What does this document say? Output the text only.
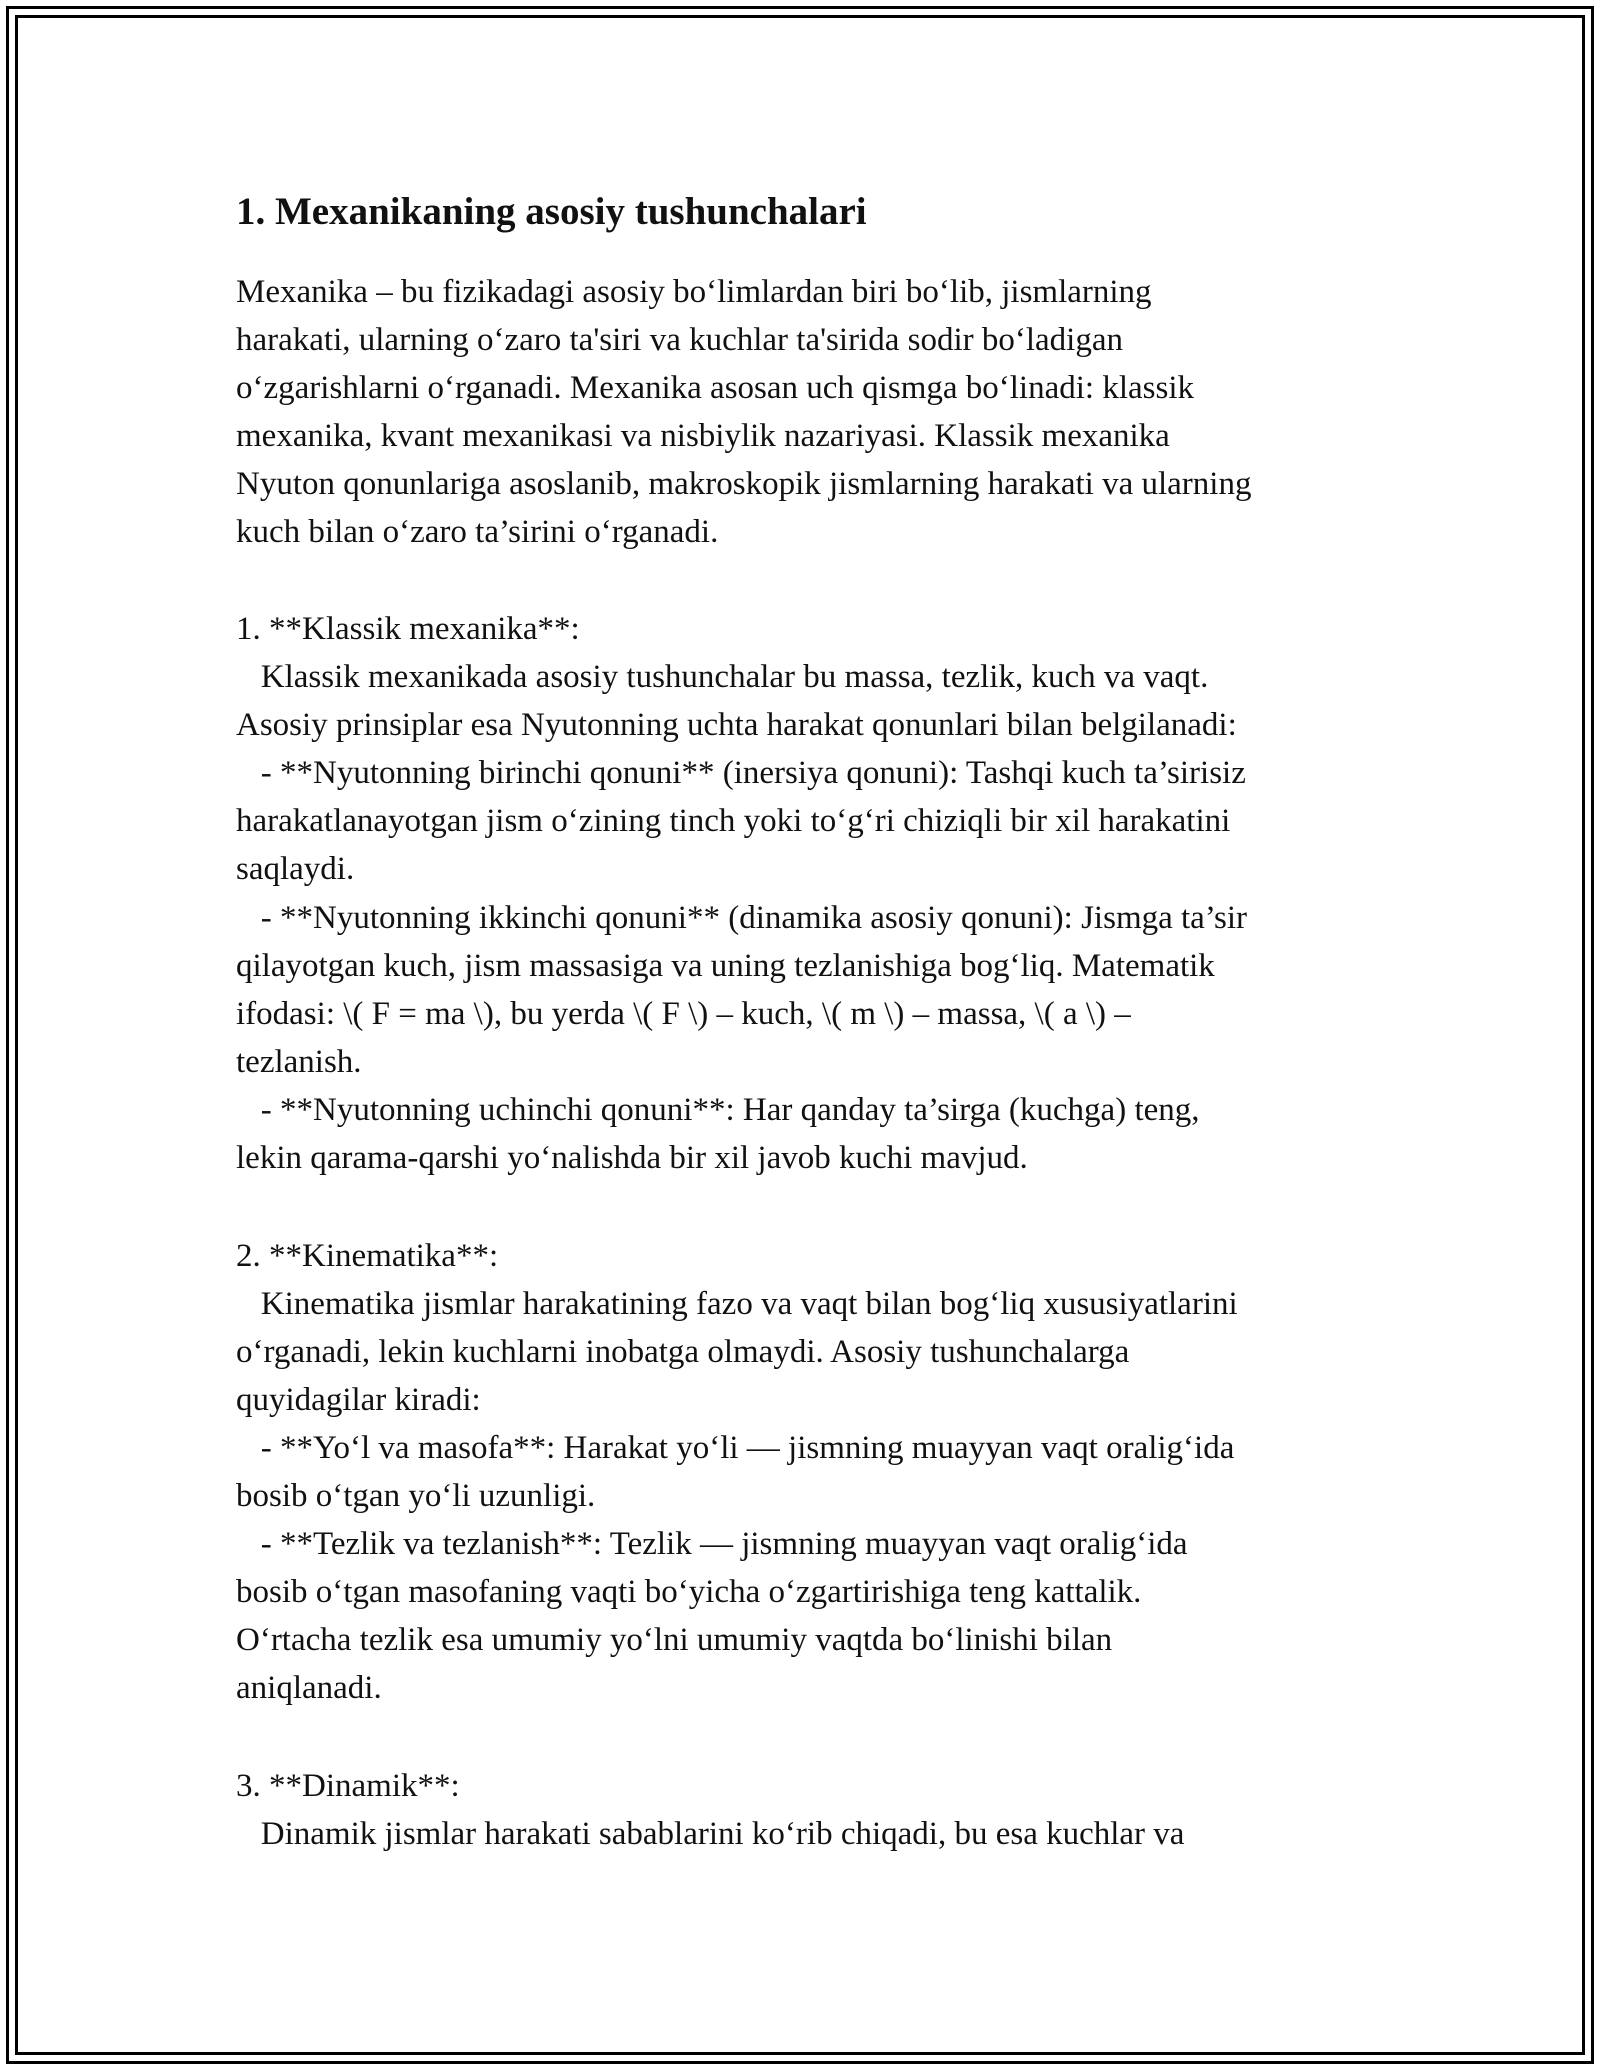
1. Mexanikaning asosiy tushunchalari
Mexanika – bu fizikadagi asosiy bo‘limlardan biri bo‘lib, jismlarning
harakati, ularning o‘zaro ta'siri va kuchlar ta'sirida sodir bo‘ladigan
o‘zgarishlarni o‘rganadi. Mexanika asosan uch qismga bo‘linadi: klassik
mexanika, kvant mexanikasi va nisbiylik nazariyasi. Klassik mexanika
Nyuton qonunlariga asoslanib, makroskopik jismlarning harakati va ularning
kuch bilan o‘zaro ta’sirini o‘rganadi.
1. **Klassik mexanika**:
Klassik mexanikada asosiy tushunchalar bu massa, tezlik, kuch va vaqt.
Asosiy prinsiplar esa Nyutonning uchta harakat qonunlari bilan belgilanadi:
- **Nyutonning birinchi qonuni** (inersiya qonuni): Tashqi kuch ta’sirisiz
harakatlanayotgan jism o‘zining tinch yoki to‘g‘ri chiziqli bir xil harakatini
saqlaydi.
- **Nyutonning ikkinchi qonuni** (dinamika asosiy qonuni): Jismga ta’sir
qilayotgan kuch, jism massasiga va uning tezlanishiga bog‘liq. Matematik
ifodasi: \( F = ma \), bu yerda \( F \) – kuch, \( m \) – massa, \( a \) –
tezlanish.
- **Nyutonning uchinchi qonuni**: Har qanday ta’sirga (kuchga) teng,
lekin qarama-qarshi yo‘nalishda bir xil javob kuchi mavjud.
2. **Kinematika**:
Kinematika jismlar harakatining fazo va vaqt bilan bog‘liq xususiyatlarini
o‘rganadi, lekin kuchlarni inobatga olmaydi. Asosiy tushunchalarga
quyidagilar kiradi:
- **Yo‘l va masofa**: Harakat yo‘li — jismning muayyan vaqt oralig‘ida
bosib o‘tgan yo‘li uzunligi.
- **Tezlik va tezlanish**: Tezlik — jismning muayyan vaqt oralig‘ida
bosib o‘tgan masofaning vaqti bo‘yicha o‘zgartirishiga teng kattalik.
O‘rtacha tezlik esa umumiy yo‘lni umumiy vaqtda bo‘linishi bilan
aniqlanadi.
3. **Dinamik**:
Dinamik jismlar harakati sabablarini ko‘rib chiqadi, bu esa kuchlar va
